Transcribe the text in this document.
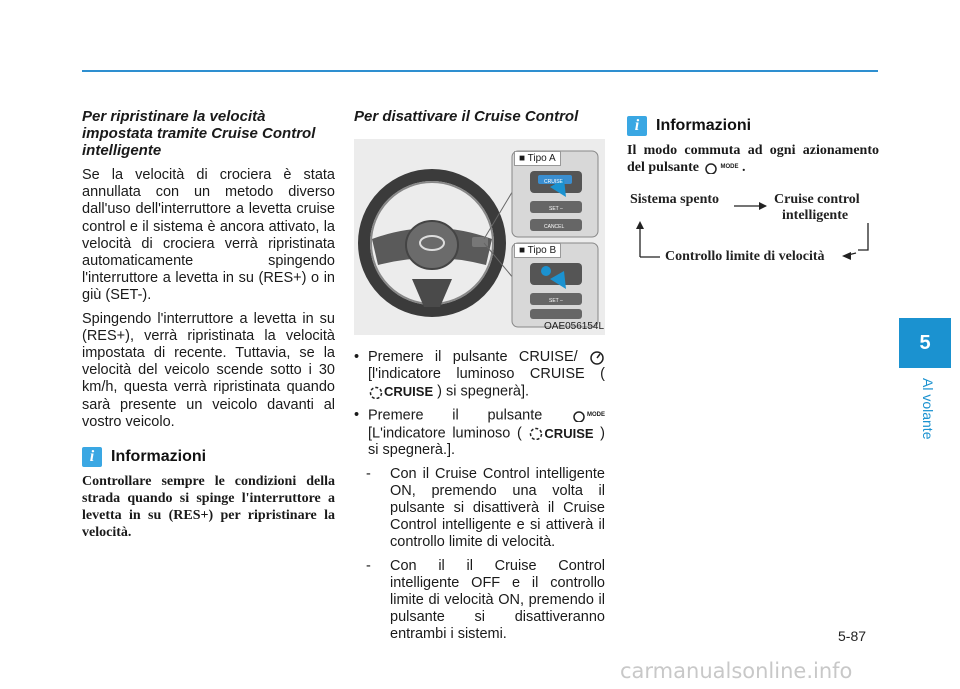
Per ripristinare la velocità impostata tramite Cruise Control intelligente

Se la velocità di crociera è stata annullata con un metodo diverso dall'uso dell'interruttore a levetta cruise control e il sistema è ancora attivato, la velocità di crociera verrà ripristinata automaticamente spingendo l'interruttore a levetta in su (RES+) o in giù (SET-).

Spingendo l'interruttore a levetta in su (RES+), verrà ripristinata la velocità impostata di recente. Tuttavia, se la velocità del veicolo scende sotto i 30 km/h, questa verrà ripristinata quando sarà presente un veicolo davanti al vostro veicolo.

i	Informazioni
Controllare sempre le condizioni della strada quando si spinge l'interruttore a levetta in su (RES+) per ripristinare la velocità.
Per disattivare il Cruise Control
CRUISE
SET –
CANCEL
SET –
■ Tipo A
■ Tipo B
OAE056154L
• Premere il pulsante CRUISE/
[l'indicatore luminoso CRUISE (
CRUISE ) si spegnerà].
• Premere il pulsante	MODE
[L'indicatore luminoso ( CRUISE ) si spegnerà.].
- Con il Cruise Control intelligente ON, premendo una volta il pulsante si disattiverà il Cruise Control intelligente e si attiverà il controllo limite di velocità.
- Con il il Cruise Control intelligente OFF e il controllo limite di velocità ON, premendo il pulsante si disattiveranno entrambi i sistemi.
i	Informazioni
Il modo commuta ad ogni azionamento del pulsante	MODE .
Sistema spento	Cruise control
intelligente
Controllo limite di velocità
5
Al volante
5-87
carmanualsonline.info
